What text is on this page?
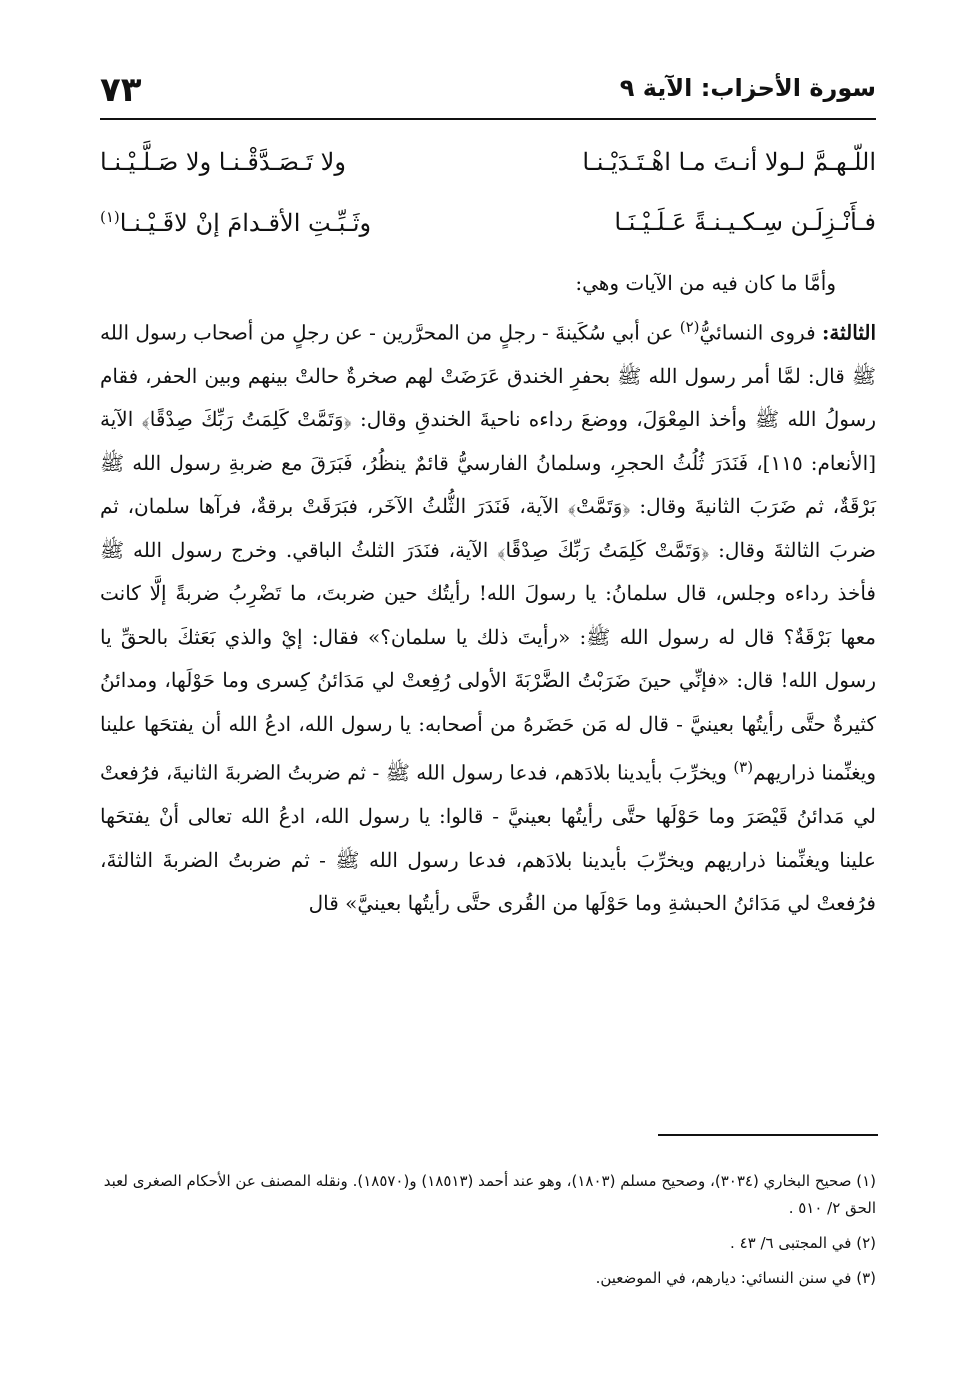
سورة الأحزاب: الآية ٩
٧٣
اللّـهـمَّ لـولا أنـتَ مـا اهْـتَـدَيْـنـا
ولا تَـصَـدَّقْـنـا ولا صَـلَّـيْـنـا
فـأَنْـزِلَـن سِـكـيـنـةً عَـلَـيْـنَـا
وثَـبِّـتِ الأقـدامَ إنْ لاقَـيْـنـا$^{(١)}$

وأمَّا ما كان فيه من الآيات وهي:

الثالثة: فروى النسائيُّ$^{(٢)}$ عن أبي سُكَينةَ - رجلٍ من المحرَّرين - عن رجلٍ من أصحاب رسول الله ﷺ قال: لمَّا أمر رسول الله ﷺ بحفرِ الخندق عَرَضَتْ لهم صخرةٌ حالتْ بينهم وبين الحفر، فقام رسولُ الله ﷺ وأخذ المِعْوَلَ، ووضعَ رداءه ناحيةَ الخندقِ وقال: ﴿وَتَمَّتْ كَلِمَتُ رَبِّكَ صِدْقًا﴾ الآية [الأنعام: ١١٥]، فَنَدَرَ ثُلُثُ الحجرِ، وسلمانُ الفارسيُّ قائمٌ ينظُرُ، فَبَرَقَ مع ضربةِ رسول الله ﷺ بَرْقَةٌ، ثم ضَرَبَ الثانيةَ وقال: ﴿وَتَمَّتْ﴾ الآية، فَنَدَرَ الثُّلثُ الآخَر، فبَرَقَتْ برقةٌ، فرآها سلمان، ثم ضربَ الثالثةَ وقال: ﴿وَتَمَّتْ كَلِمَتُ رَبِّكَ صِدْقًا﴾ الآية، فنَدَرَ الثلثُ الباقي. وخرج رسول الله ﷺ فأخذ رداءه وجلس، قال سلمانُ: يا رسولَ الله! رأيتُك حين ضربتَ، ما تَضْرِبُ ضربةً إلَّا كانت معها بَرْقَةٌ؟ قال له رسول الله ﷺ: «رأيتَ ذلك يا سلمان؟» فقال: إيْ والذي بَعَثكَ بالحقِّ يا رسول الله! قال: «فإنِّي حينَ ضَرَبْتُ الضَّرْبَةَ الأولى رُفِعتْ لي مَدَائنُ كِسرى وما حَوْلَها، ومدائنُ كثيرةٌ حتَّى رأيتُها بعينيَّ - قال له مَن حَضَرهُ من أصحابه: يا رسول الله، ادعُ الله أن يفتحَها علينا ويغنِّمنا ذراريهم$^{(٣)}$ ويخرِّبَ بأيدينا بلادَهم، فدعا رسول الله ﷺ - ثم ضربتُ الضربةَ الثانيةَ، فرُفعتْ لي مَدائنُ قَيْصَرَ وما حَوْلَها حتَّى رأيتُها بعينيَّ - قالوا: يا رسول الله، ادعُ الله تعالى أنْ يفتحَها علينا ويغنِّمنا ذراريهم ويخرِّبَ بأيدينا بلادَهم، فدعا رسول الله ﷺ - ثم ضربتُ الضربةَ الثالثةَ، فرُفعتْ لي مَدَائنُ الحبشةِ وما حَوْلَها من القُرى حتَّى رأيتُها بعينيَّ» قال

(١) صحيح البخاري (٣٠٣٤)، وصحيح مسلم (١٨٠٣)، وهو عند أحمد (١٨٥١٣) و(١٨٥٧٠). ونقله المصنف عن الأحكام الصغرى لعبد الحق ٢/ ٥١٠ .

(٢) في المجتبى ٦/ ٤٣ .

(٣) في سنن النسائي: ديارهم، في الموضعين.
